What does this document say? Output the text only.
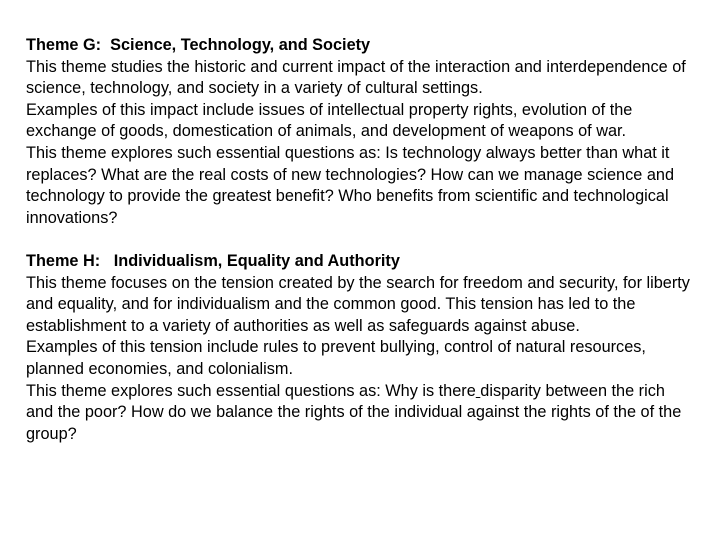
Theme G:  Science, Technology, and Society

This theme studies the historic and current impact of the interaction and interdependence of science, technology, and society in a variety of cultural settings.

Examples of this impact include issues of intellectual property rights, evolution of the exchange of goods, domestication of animals, and development of weapons of war.

This theme explores such essential questions as: Is technology always better than what it replaces? What are the real costs of new technologies? How can we manage science and technology to provide the greatest benefit? Who benefits from scientific and technological innovations?

Theme H:   Individualism, Equality and Authority

This theme focuses on the tension created by the search for freedom and security, for liberty and equality, and for individualism and the common good. This tension has led to the establishment to a variety of authorities as well as safeguards against abuse.

Examples of this tension include rules to prevent bullying, control of natural resources, planned economies, and colonialism.

This theme explores such essential questions as: Why is there disparity between the rich and the poor? How do we balance the rights of the individual against the rights of the of the group?
